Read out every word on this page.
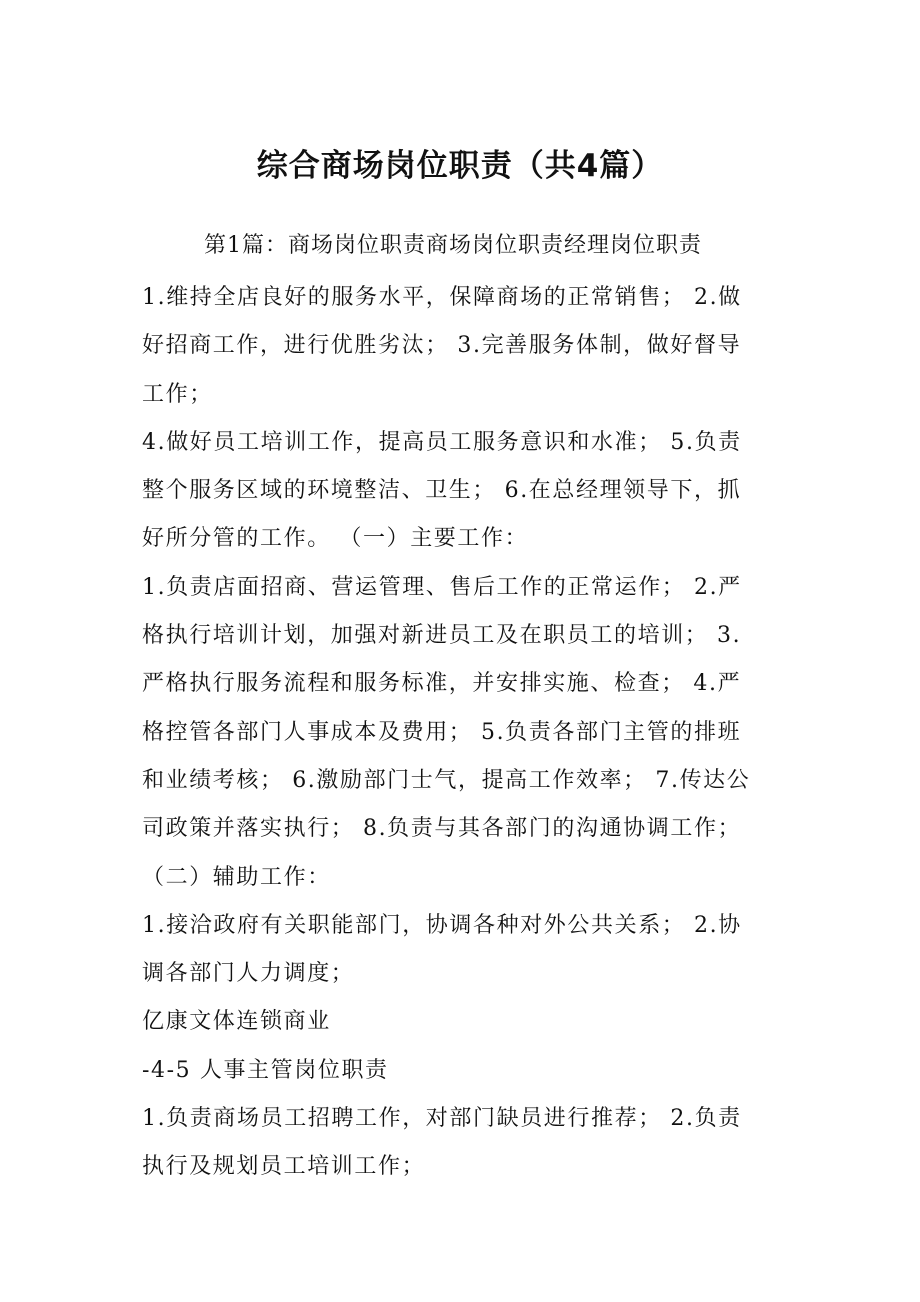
综合商场岗位职责（共4篇）
第1篇：商场岗位职责商场岗位职责经理岗位职责
1.维持全店良好的服务水平，保障商场的正常销售； 2.做
好招商工作，进行优胜劣汰； 3.完善服务体制，做好督导
工作；
4.做好员工培训工作，提高员工服务意识和水准； 5.负责
整个服务区域的环境整洁、卫生； 6.在总经理领导下，抓
好所分管的工作。 （一）主要工作：
1.负责店面招商、营运管理、售后工作的正常运作； 2.严
格执行培训计划，加强对新进员工及在职员工的培训； 3.
严格执行服务流程和服务标准，并安排实施、检查； 4.严
格控管各部门人事成本及费用； 5.负责各部门主管的排班
和业绩考核； 6.激励部门士气，提高工作效率； 7.传达公
司政策并落实执行； 8.负责与其各部门的沟通协调工作；
（二）辅助工作：
1.接洽政府有关职能部门，协调各种对外公共关系； 2.协
调各部门人力调度；
亿康文体连锁商业
-4-5 人事主管岗位职责
1.负责商场员工招聘工作，对部门缺员进行推荐； 2.负责
执行及规划员工培训工作；
